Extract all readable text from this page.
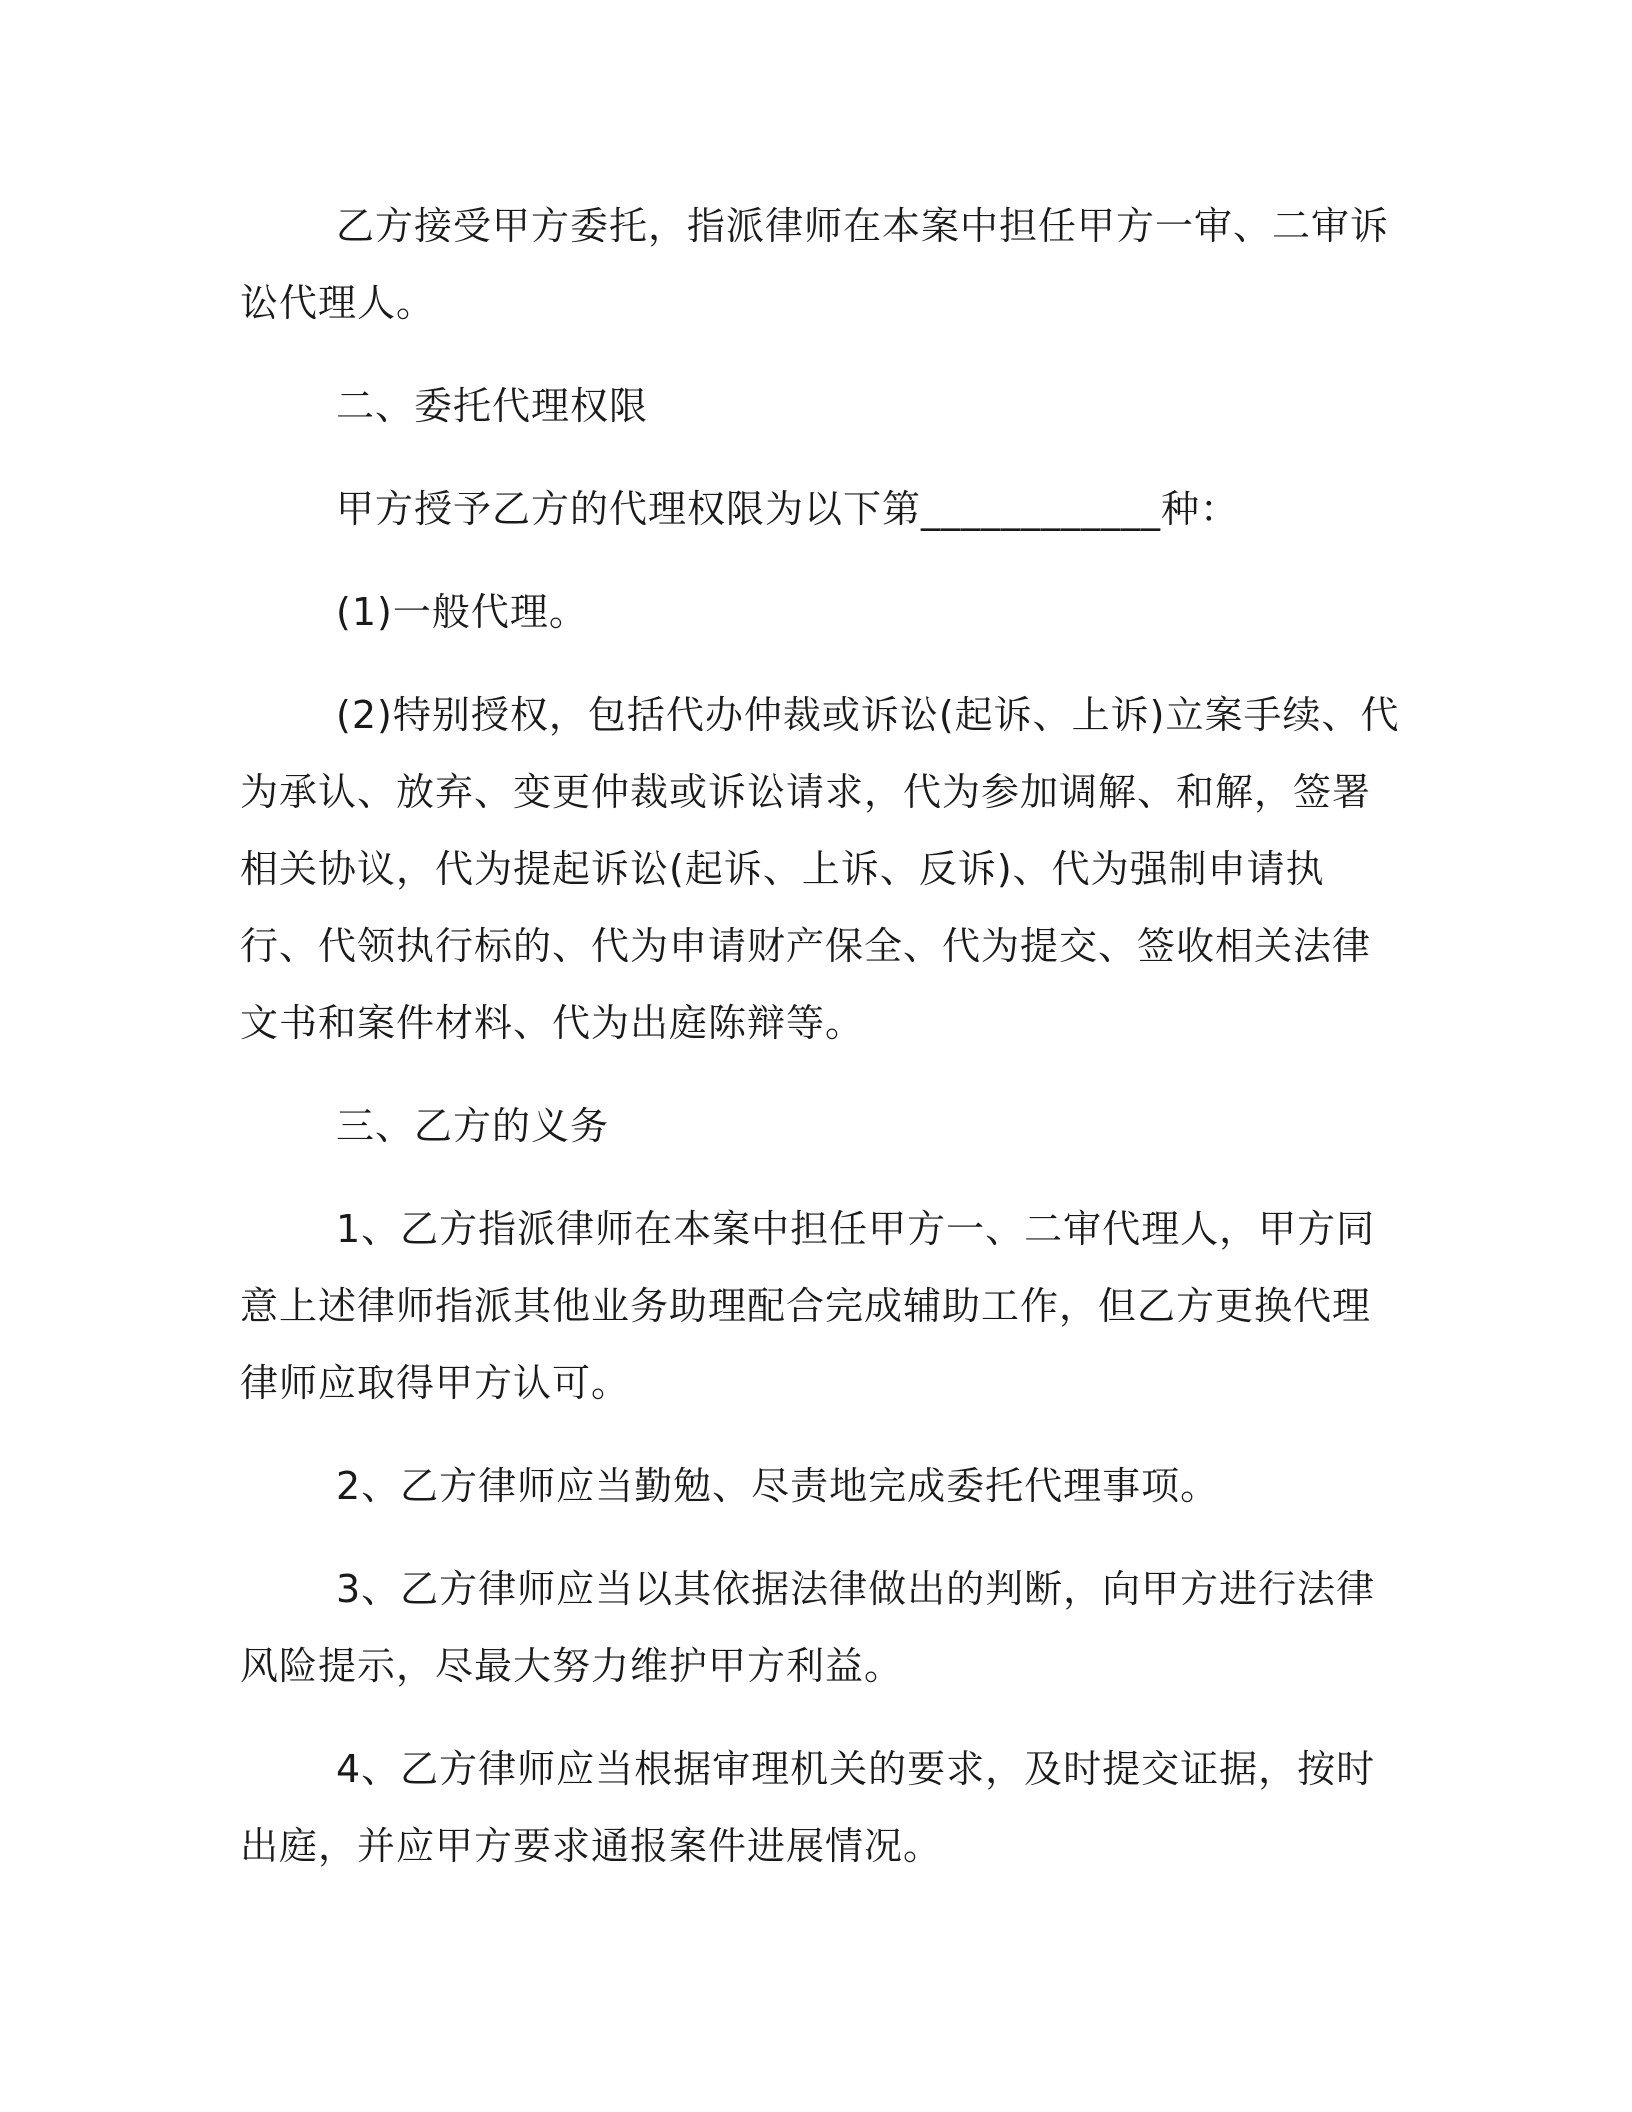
乙方接受甲方委托，指派律师在本案中担任甲方一审、二审诉讼代理人。

二、委托代理权限

甲方授予乙方的代理权限为以下第____________种：

(1)一般代理。

(2)特别授权，包括代办仲裁或诉讼(起诉、上诉)立案手续、代为承认、放弃、变更仲裁或诉讼请求，代为参加调解、和解，签署相关协议，代为提起诉讼(起诉、上诉、反诉)、代为强制申请执行、代领执行标的、代为申请财产保全、代为提交、签收相关法律文书和案件材料、代为出庭陈辩等。

三、乙方的义务

1、乙方指派律师在本案中担任甲方一、二审代理人，甲方同意上述律师指派其他业务助理配合完成辅助工作，但乙方更换代理律师应取得甲方认可。

2、乙方律师应当勤勉、尽责地完成委托代理事项。

3、乙方律师应当以其依据法律做出的判断，向甲方进行法律风险提示，尽最大努力维护甲方利益。

4、乙方律师应当根据审理机关的要求，及时提交证据，按时出庭，并应甲方要求通报案件进展情况。
